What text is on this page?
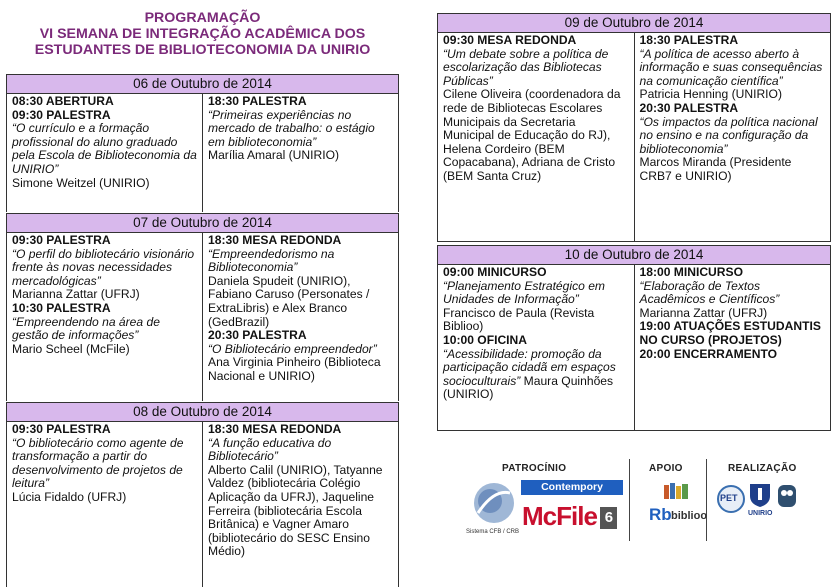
PROGRAMAÇÃO
VI SEMANA DE INTEGRAÇÃO ACADÊMICA DOS
ESTUDANTES DE BIBLIOTECONOMIA DA UNIRIO
06 de Outubro de 2014
08:30 ABERTURA
09:30 PALESTRA
“O currículo e a formação profissional do aluno graduado pela Escola de Biblioteconomia da UNIRIO”
Simone Weitzel (UNIRIO)
18:30 PALESTRA
“Primeiras experiências no mercado de trabalho: o estágio em biblioteconomia”
Marília Amaral (UNIRIO)
07 de Outubro de 2014
09:30 PALESTRA
“O perfil do bibliotecário visionário frente às novas necessidades mercadológicas”
Marianna Zattar (UFRJ)
10:30 PALESTRA
“Empreendendo na área de gestão de informações”
Mario Scheel (McFile)
18:30 MESA REDONDA
“Empreendedorismo na Biblioteconomia”
Daniela Spudeit (UNIRIO), Fabiano Caruso (Personates / ExtraLibris) e Alex Branco (GedBrazil)
20:30 PALESTRA
“O Bibliotecário empreendedor”
Ana Virginia Pinheiro (Biblioteca Nacional e UNIRIO)
08 de Outubro de 2014
09:30 PALESTRA
“O bibliotecário como agente de transformação a partir do desenvolvimento de projetos de leitura”
Lúcia Fidaldo (UFRJ)
18:30 MESA REDONDA
“A função educativa do Bibliotecário”
Alberto Calil (UNIRIO), Tatyanne Valdez (bibliotecária Colégio Aplicação da UFRJ), Jaqueline Ferreira (bibliotecária Escola Britânica) e Vagner Amaro (bibliotecário do SESC Ensino Médio)
09 de Outubro de 2014
09:30 MESA REDONDA
“Um debate sobre a política de escolarização das Bibliotecas Públicas”
Cilene Oliveira (coordenadora da rede de Bibliotecas Escolares Municipais da Secretaria Municipal de Educação do RJ), Helena Cordeiro (BEM Copacabana), Adriana de Cristo (BEM Santa Cruz)
18:30 PALESTRA
“A política de acesso aberto à informação e suas consequências na comunicação científica”
Patricia Henning (UNIRIO)
20:30 PALESTRA
“Os impactos da política nacional no ensino e na configuração da biblioteconomia”
Marcos Miranda (Presidente CRB7 e UNIRIO)
10 de Outubro de 2014
09:00 MINICURSO
“Planejamento Estratégico em Unidades de Informação”
Francisco de Paula (Revista Biblioo)
10:00 OFICINA
“Acessibilidade: promoção da participação cidadã em espaços socioculturais” Maura Quinhões (UNIRIO)
18:00 MINICURSO
“Elaboração de Textos Acadêmicos e Científicos”
Marianna Zattar (UFRJ)
19:00 ATUAÇÕES ESTUDANTIS NO CURSO (PROJETOS)
20:00 ENCERRAMENTO
PATROCÍNIO	APOIO	REALIZAÇÃO
Sistema CFB / CRB
Contempory
McFile 6 Rb biblioo
PET
UNIRIO
